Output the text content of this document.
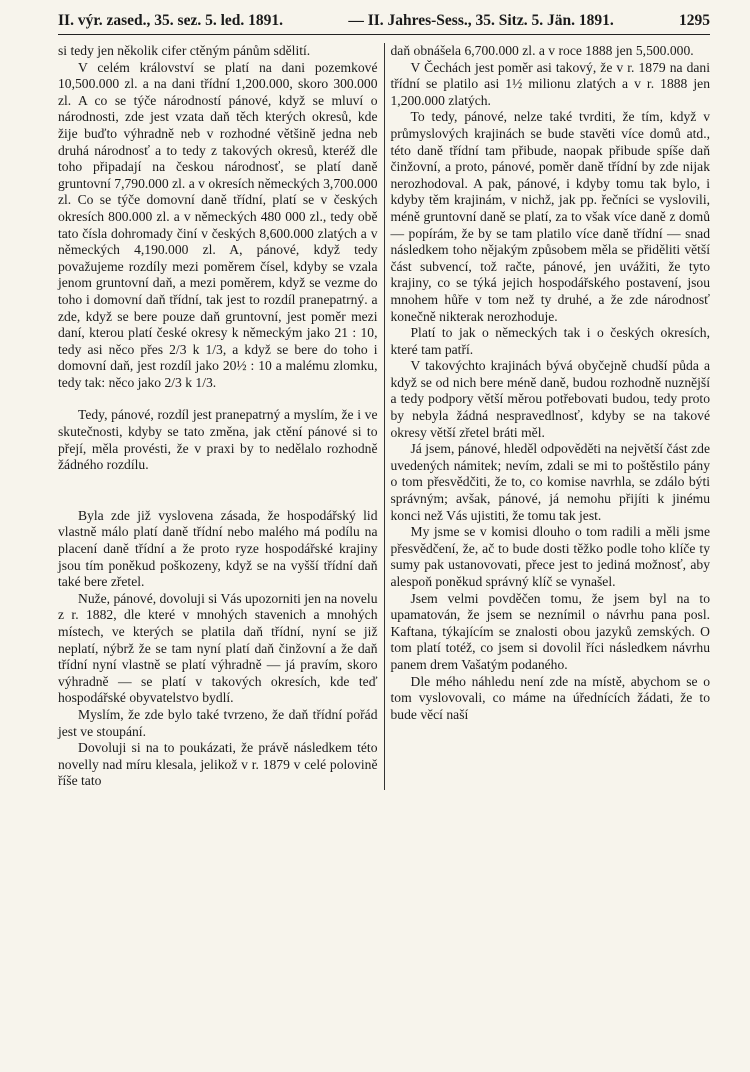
II. výr. zased., 35. sez. 5. led. 1891.	— II. Jahres-Sess., 35. Sitz. 5. Jän. 1891.	1295

si tedy jen několik cifer ctěným pánům sdělití.

V celém království se platí na dani pozemkové 10,500.000 zl. a na dani třídní 1,200.000, skoro 300.000 zl. A co se týče národností pánové, když se mluví o národnosti, zde jest vzata daň těch kterých okresů, kde žije buďto výhradně neb v rozhodné většině jedna neb druhá národnosť a to tedy z takových okresů, kteréž dle toho připadají na českou národnosť, se platí daně gruntovní 7,790.000 zl. a v okresích německých 3,700.000 zl. Co se týče domovní daně třídní, platí se v českých okresích 800.000 zl. a v německých 480 000 zl., tedy obě tato čísla dohromady činí v českých 8,600.000 zlatých a v německých 4,190.000 zl. A, pánové, když tedy považujeme rozdíly mezi poměrem čísel, kdyby se vzala jenom gruntovní daň, a mezi poměrem, když se vezme do toho i domovní daň třídní, tak jest to rozdíl pranepatrný. a zde, když se bere pouze daň gruntovní, jest poměr mezi daní, kterou platí české okresy k německým jako 21 : 10, tedy asi něco přes 2/3 k 1/3, a když se bere do toho i domovní daň, jest rozdíl jako 20½ : 10 a malému zlomku, tedy tak: něco jako 2/3 k 1/3.

Tedy, pánové, rozdíl jest pranepatrný a myslím, že i ve skutečnosti, kdyby se tato změna, jak ctění pánové si to přejí, měla provésti, že v praxi by to nedělalo rozhodně žádného rozdílu.

Byla zde již vyslovena zásada, že hospodářský lid vlastně málo platí daně třídní nebo malého má podílu na placení daně třídní a že proto ryze hospodářské krajiny jsou tím poněkud poškozeny, když se na vyšší třídní daň také bere zřetel.

Nuže, pánové, dovoluji si Vás upozorniti jen na novelu z r. 1882, dle které v mnohých stavenich a mnohých místech, ve kterých se platila daň třídní, nyní se již neplatí, nýbrž že se tam nyní platí daň činžovní a že daň třídní nyní vlastně se platí výhradně — já pravím, skoro výhradně — se platí v takových okresích, kde teď hospodářské obyvatelstvo bydlí.

Myslím, že zde bylo také tvrzeno, že daň třídní pořád jest ve stoupání.

Dovoluji si na to poukázati, že právě následkem této novelly nad míru klesala, jelikož v r. 1879 v celé polovině říše tato

daň obnášela 6,700.000 zl. a v roce 1888 jen 5,500.000.

V Čechách jest poměr asi takový, že v r. 1879 na dani třídní se platilo asi 1½ milionu zlatých a v r. 1888 jen 1,200.000 zlatých.

To tedy, pánové, nelze také tvrditi, že tím, když v průmyslových krajinách se bude stavěti více domů atd., této daně třídní tam přibude, naopak přibude spíše daň činžovní, a proto, pánové, poměr daně třídní by zde nijak nerozhodoval. A pak, pánové, i kdyby tomu tak bylo, i kdyby těm krajinám, v nichž, jak pp. řečníci se vyslovili, méně gruntovní daně se platí, za to však více daně z domů — popírám, že by se tam platilo více daně třídní — snad následkem toho nějakým způsobem měla se přiděliti větší část subvencí, tož račte, pánové, jen uvážiti, že tyto krajiny, co se týká jejich hospodářského postavení, jsou mnohem hůře v tom než ty druhé, a že zde národnosť konečně nikterak nerozhoduje.

Platí to jak o německých tak i o českých okresích, které tam patří.

V takovýchto krajinách bývá obyčejně chudší půda a když se od nich bere méně daně, budou rozhodně nuznější a tedy podpory větší měrou potřebovati budou, tedy proto by nebyla žádná nespravedlnosť, kdyby se na takové okresy větší zřetel bráti měl.

Já jsem, pánové, hleděl odpověděti na největší část zde uvedených námitek; nevím, zdali se mi to poštěstilo pány o tom přesvědčiti, že to, co komise navrhla, se zdálo býti správným; avšak, pánové, já nemohu přijíti k jinému konci než Vás ujistiti, že tomu tak jest.

My jsme se v komisi dlouho o tom radili a měli jsme přesvědčení, že, ač to bude dosti těžko podle toho klíče ty sumy pak ustanovovati, přece jest to jediná možnosť, aby alespoň poněkud správný klíč se vynašel.

Jsem velmi povděčen tomu, že jsem byl na to upamatován, že jsem se neznímil o návrhu pana posl. Kaftana, týkajícím se znalosti obou jazyků zemských. O tom platí totéž, co jsem si dovolil říci následkem návrhu panem drem Vašatým podaného.

Dle mého náhledu není zde na místě, abychom se o tom vyslovovali, co máme na úřednících žádati, že to bude věcí naší
